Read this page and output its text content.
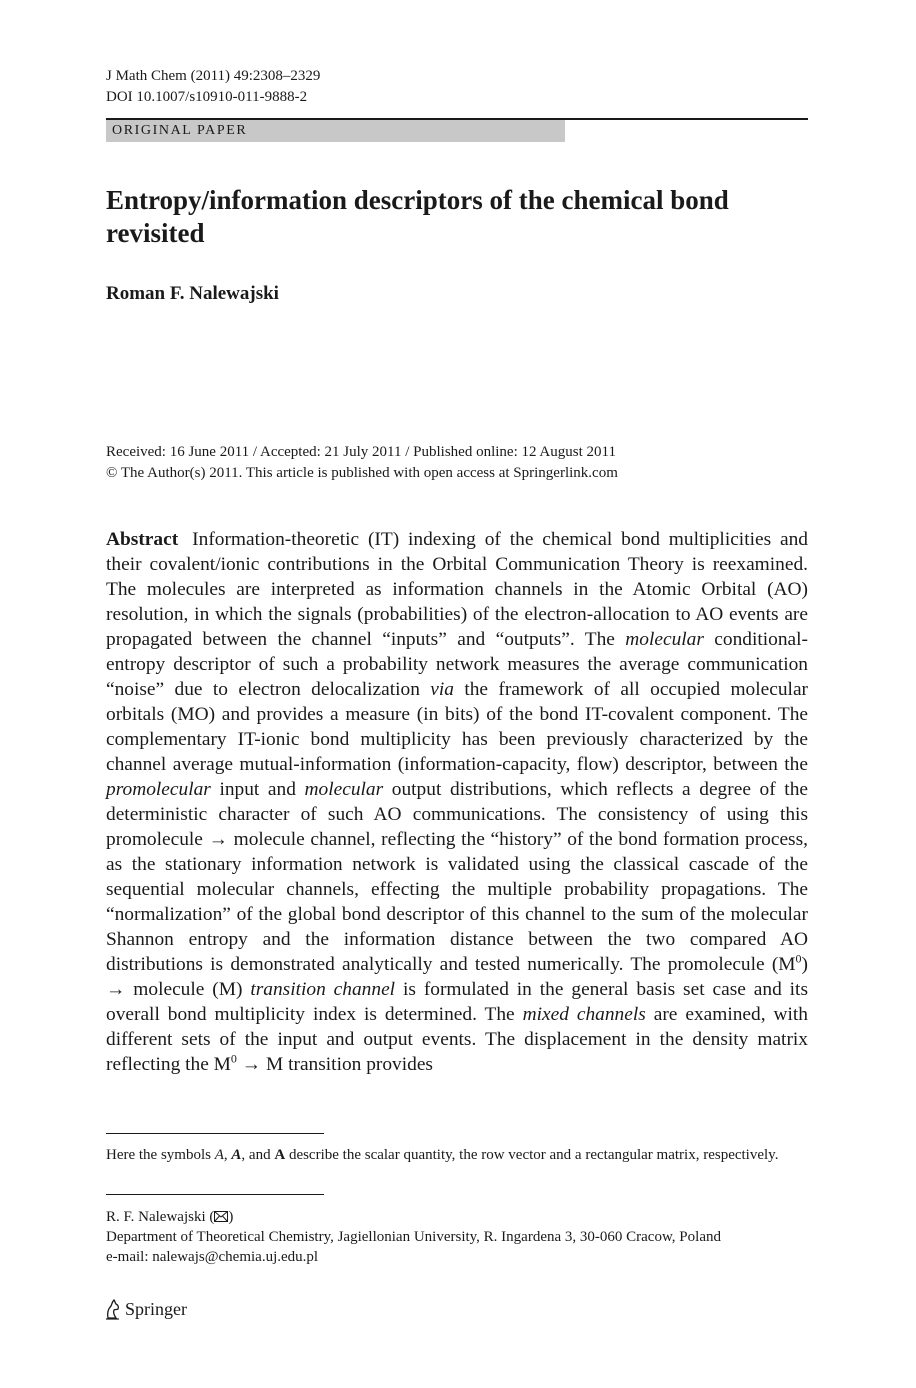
J Math Chem (2011) 49:2308–2329
DOI 10.1007/s10910-011-9888-2
ORIGINAL PAPER
Entropy/information descriptors of the chemical bond revisited
Roman F. Nalewajski
Received: 16 June 2011 / Accepted: 21 July 2011 / Published online: 12 August 2011
© The Author(s) 2011. This article is published with open access at Springerlink.com
Abstract Information-theoretic (IT) indexing of the chemical bond multiplicities and their covalent/ionic contributions in the Orbital Communication Theory is reexamined. The molecules are interpreted as information channels in the Atomic Orbital (AO) resolution, in which the signals (probabilities) of the electron-allocation to AO events are propagated between the channel “inputs” and “outputs”. The molecular conditional-entropy descriptor of such a probability network measures the average communication “noise” due to electron delocalization via the framework of all occupied molecular orbitals (MO) and provides a measure (in bits) of the bond IT-covalent component. The complementary IT-ionic bond multiplicity has been previously characterized by the channel average mutual-information (information-capacity, flow) descriptor, between the promolecular input and molecular output distributions, which reflects a degree of the deterministic character of such AO communications. The consistency of using this promolecule → molecule channel, reflecting the “history” of the bond formation process, as the stationary information network is validated using the classical cascade of the sequential molecular channels, effecting the multiple probability propagations. The “normalization” of the global bond descriptor of this channel to the sum of the molecular Shannon entropy and the information distance between the two compared AO distributions is demonstrated analytically and tested numerically. The promolecule $(M^0)$ → molecule (M) transition channel is formulated in the general basis set case and its overall bond multiplicity index is determined. The mixed channels are examined, with different sets of the input and output events. The displacement in the density matrix reflecting the $M^0 \to M$ transition provides
Here the symbols A, A, and A describe the scalar quantity, the row vector and a rectangular matrix, respectively.
R. F. Nalewajski ( )
Department of Theoretical Chemistry, Jagiellonian University, R. Ingardena 3, 30-060 Cracow, Poland
e-mail: nalewajs@chemia.uj.edu.pl
Springer
